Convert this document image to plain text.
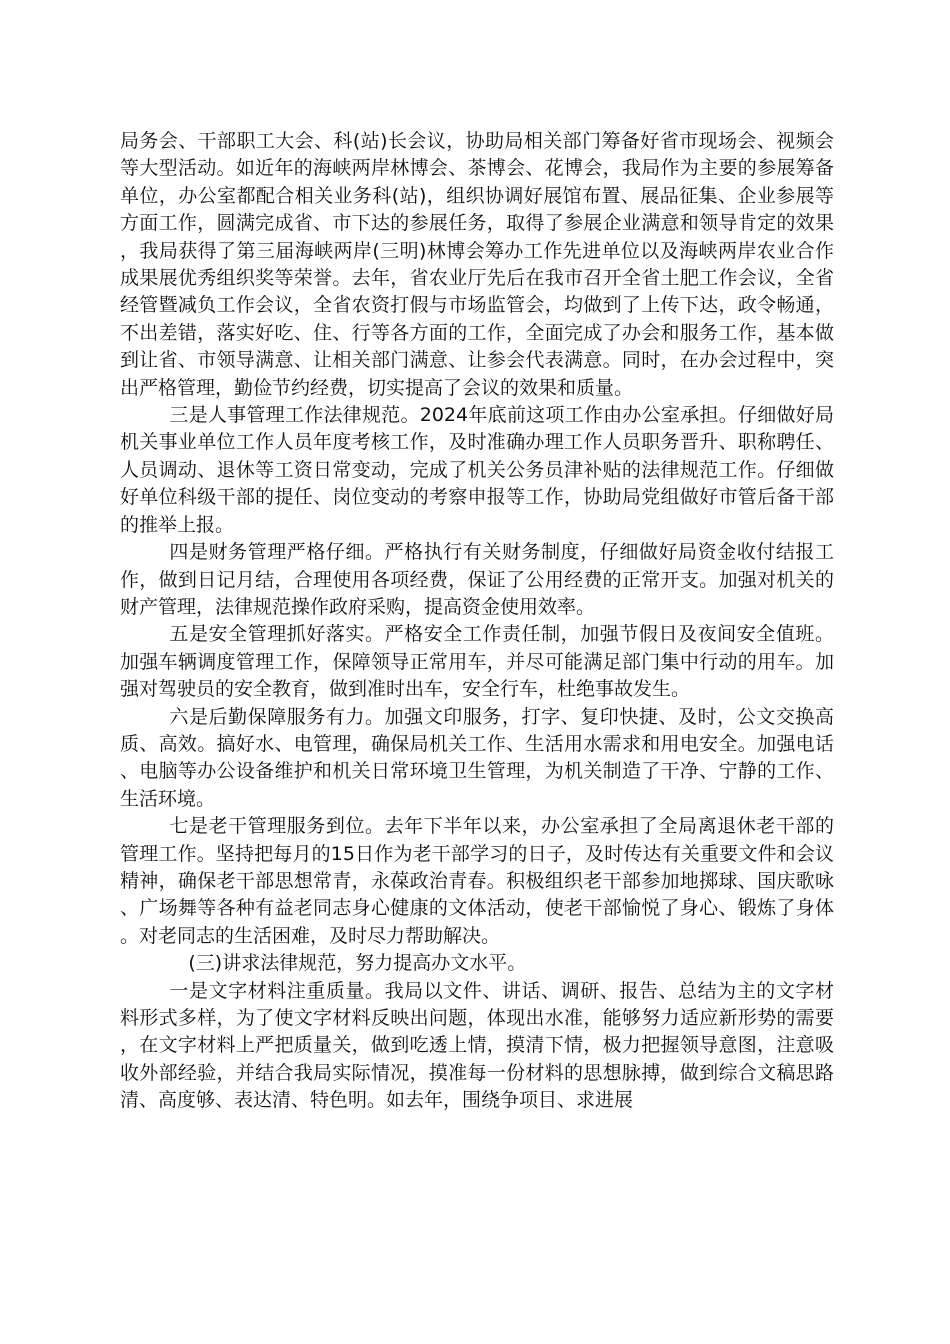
局务会、干部职工大会、科(站)长会议，协助局相关部门筹备好省市现场会、视频会等大型活动。如近年的海峡两岸林博会、茶博会、花博会，我局作为主要的参展筹备单位，办公室都配合相关业务科(站)，组织协调好展馆布置、展品征集、企业参展等方面工作，圆满完成省、市下达的参展任务，取得了参展企业满意和领导肯定的效果，我局获得了第三届海峡两岸(三明)林博会筹办工作先进单位以及海峡两岸农业合作成果展优秀组织奖等荣誉。去年，省农业厅先后在我市召开全省土肥工作会议，全省经管暨减负工作会议，全省农资打假与市场监管会，均做到了上传下达，政令畅通，不出差错，落实好吃、住、行等各方面的工作，全面完成了办会和服务工作，基本做到让省、市领导满意、让相关部门满意、让参会代表满意。同时，在办会过程中，突出严格管理，勤俭节约经费，切实提高了会议的效果和质量。

三是人事管理工作法律规范。2024年底前这项工作由办公室承担。仔细做好局机关事业单位工作人员年度考核工作，及时准确办理工作人员职务晋升、职称聘任、人员调动、退休等工资日常变动，完成了机关公务员津补贴的法律规范工作。仔细做好单位科级干部的提任、岗位变动的考察申报等工作，协助局党组做好市管后备干部的推举上报。

四是财务管理严格仔细。严格执行有关财务制度，仔细做好局资金收付结报工作，做到日记月结，合理使用各项经费，保证了公用经费的正常开支。加强对机关的财产管理，法律规范操作政府采购，提高资金使用效率。

五是安全管理抓好落实。严格安全工作责任制，加强节假日及夜间安全值班。加强车辆调度管理工作，保障领导正常用车，并尽可能满足部门集中行动的用车。加强对驾驶员的安全教育，做到准时出车，安全行车，杜绝事故发生。

六是后勤保障服务有力。加强文印服务，打字、复印快捷、及时，公文交换高质、高效。搞好水、电管理，确保局机关工作、生活用水需求和用电安全。加强电话、电脑等办公设备维护和机关日常环境卫生管理，为机关制造了干净、宁静的工作、生活环境。

七是老干管理服务到位。去年下半年以来，办公室承担了全局离退休老干部的管理工作。坚持把每月的15日作为老干部学习的日子，及时传达有关重要文件和会议精神，确保老干部思想常青，永葆政治青春。积极组织老干部参加地掷球、国庆歌咏、广场舞等各种有益老同志身心健康的文体活动，使老干部愉悦了身心、锻炼了身体。对老同志的生活困难，及时尽力帮助解决。

(三)讲求法律规范，努力提高办文水平。

一是文字材料注重质量。我局以文件、讲话、调研、报告、总结为主的文字材料形式多样，为了使文字材料反映出问题，体现出水准，能够努力适应新形势的需要，在文字材料上严把质量关，做到吃透上情，摸清下情，极力把握领导意图，注意吸收外部经验，并结合我局实际情况，摸准每一份材料的思想脉搏，做到综合文稿思路清、高度够、表达清、特色明。如去年，围绕争项目、求进展
